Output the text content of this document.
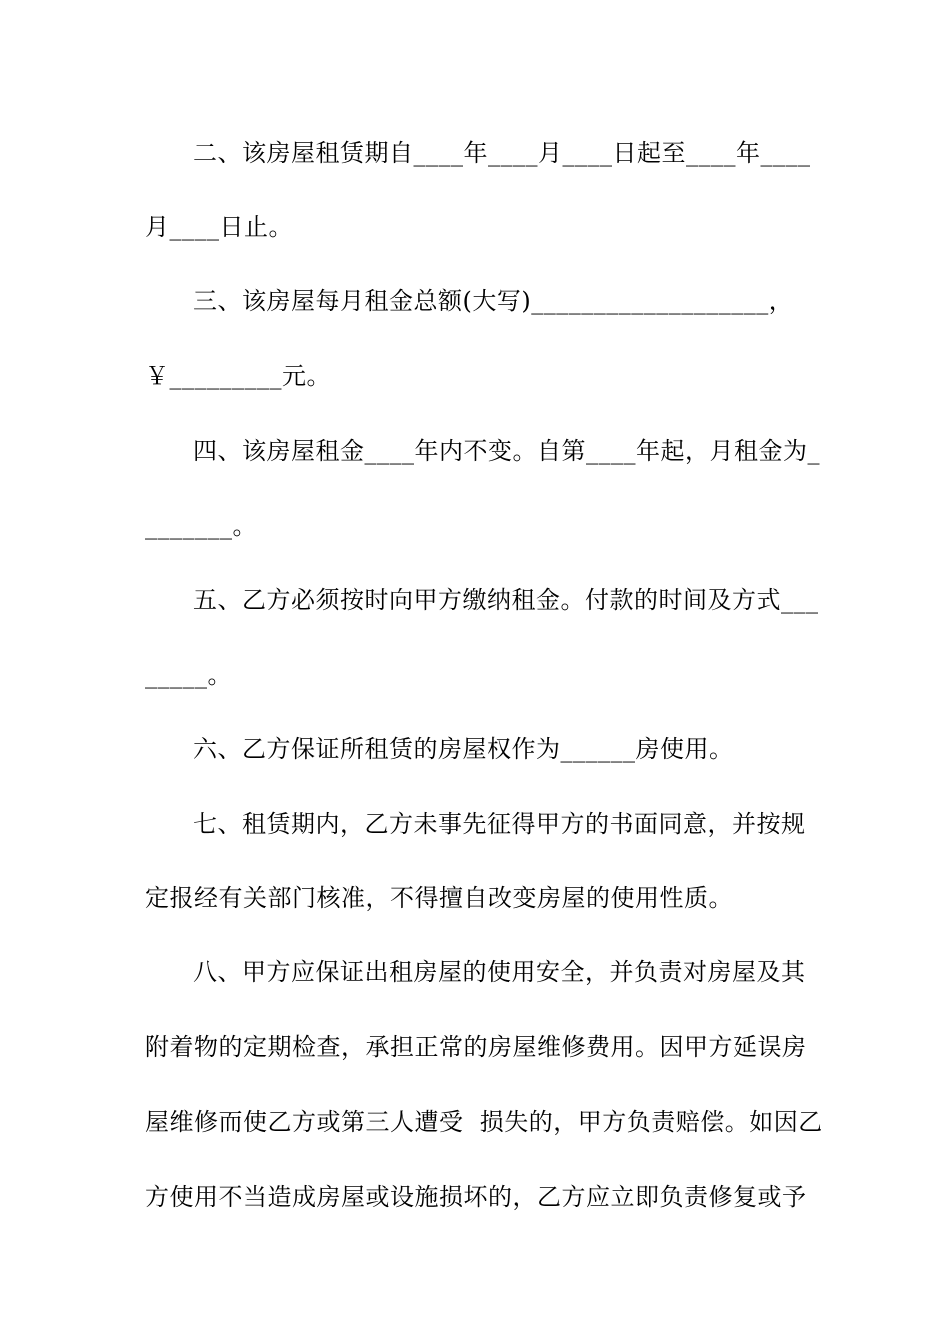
二、该房屋租赁期自____年____月____日起至____年____
月____日止。
三、该房屋每月租金总额(大写)___________________，
￥_________元。
四、该房屋租金____年内不变。自第____年起，月租金为_
_______。
五、乙方必须按时向甲方缴纳租金。付款的时间及方式___
_____。
六、乙方保证所租赁的房屋权作为______房使用。
七、租赁期内，乙方未事先征得甲方的书面同意，并按规
定报经有关部门核准，不得擅自改变房屋的使用性质。
八、甲方应保证出租房屋的使用安全，并负责对房屋及其
附着物的定期检查，承担正常的房屋维修费用。因甲方延误房
屋维修而使乙方或第三人遭受  损失的，甲方负责赔偿。如因乙
方使用不当造成房屋或设施损坏的，乙方应立即负责修复或予
